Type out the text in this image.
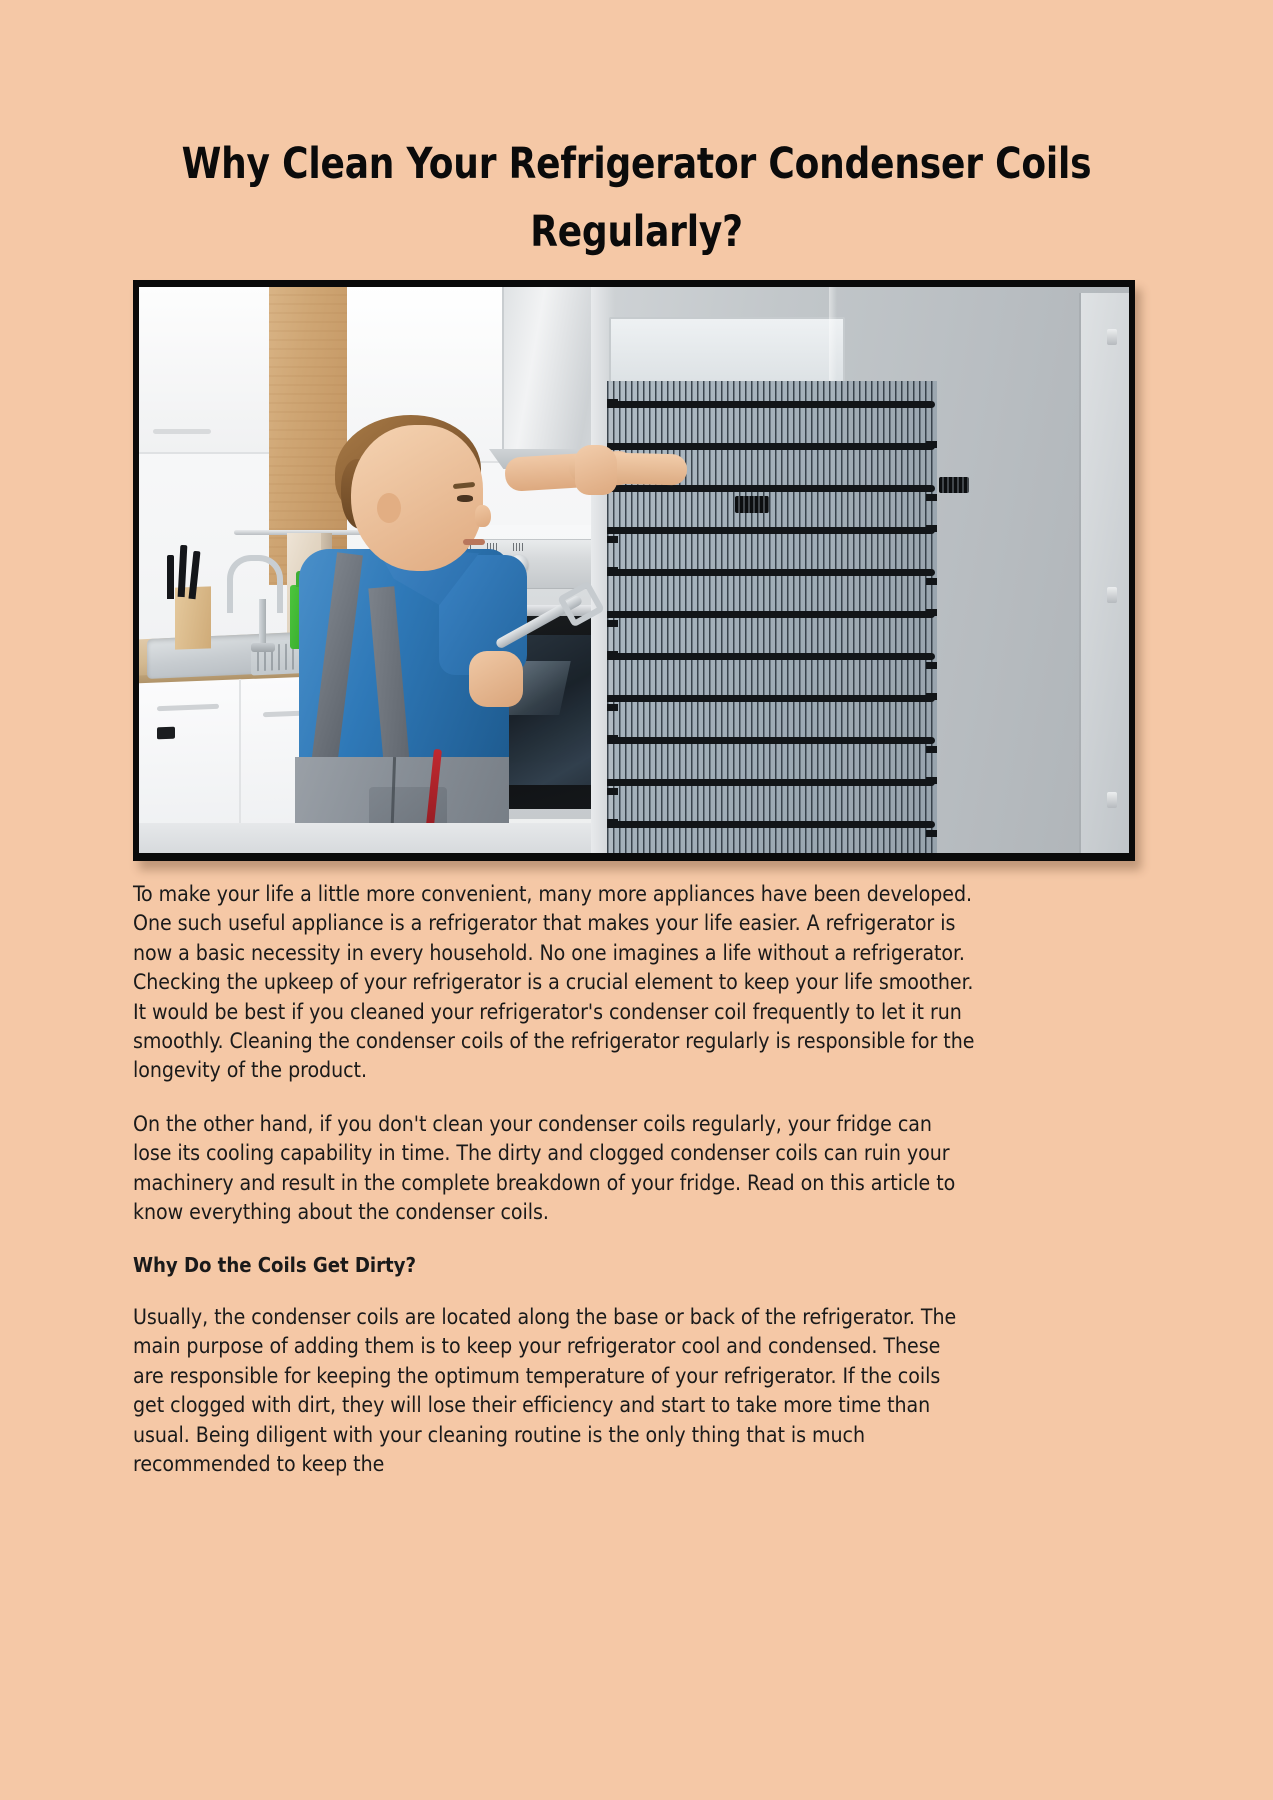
Why Clean Your Refrigerator Condenser Coils Regularly?

To make your life a little more convenient, many more appliances have been developed. One such useful appliance is a refrigerator that makes your life easier. A refrigerator is now a basic necessity in every household. No one imagines a life without a refrigerator. Checking the upkeep of your refrigerator is a crucial element to keep your life smoother. It would be best if you cleaned your refrigerator's condenser coil frequently to let it run smoothly. Cleaning the condenser coils of the refrigerator regularly is responsible for the longevity of the product.

On the other hand, if you don't clean your condenser coils regularly, your fridge can lose its cooling capability in time. The dirty and clogged condenser coils can ruin your machinery and result in the complete breakdown of your fridge. Read on this article to know everything about the condenser coils.

Why Do the Coils Get Dirty?

Usually, the condenser coils are located along the base or back of the refrigerator. The main purpose of adding them is to keep your refrigerator cool and condensed. These are responsible for keeping the optimum temperature of your refrigerator. If the coils get clogged with dirt, they will lose their efficiency and start to take more time than usual. Being diligent with your cleaning routine is the only thing that is much recommended to keep the
